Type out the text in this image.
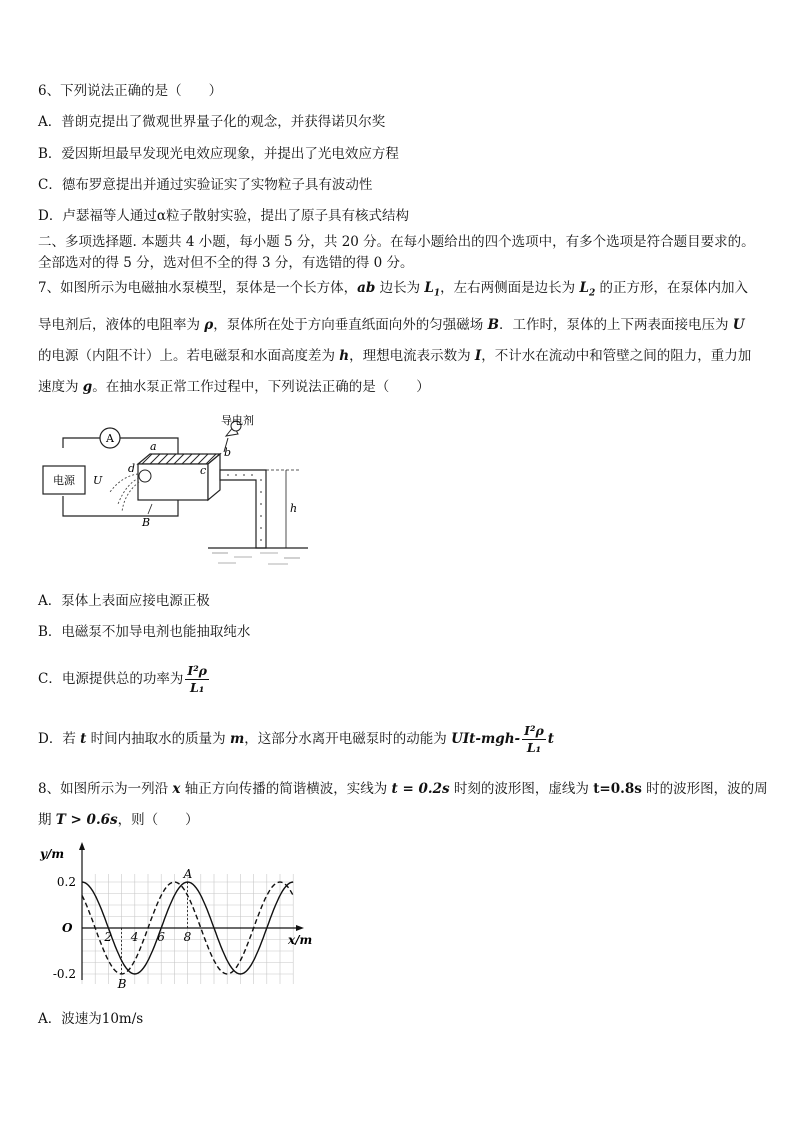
6、下列说法正确的是（　　）
A．普朗克提出了微观世界量子化的观念，并获得诺贝尔奖
B．爱因斯坦最早发现光电效应现象，并提出了光电效应方程
C．德布罗意提出并通过实验证实了实物粒子具有波动性
D．卢瑟福等人通过α粒子散射实验，提出了原子具有核式结构
二、多项选择题. 本题共 4 小题，每小题 5 分，共 20 分。在每小题给出的四个选项中，有多个选项是符合题目要求的。
全部选对的得 5 分，选对但不全的得 3 分，有选错的得 0 分。
7、如图所示为电磁抽水泵模型，泵体是一个长方体，ab 边长为 $L_1$，左右两侧面是边长为 $L_2$ 的正方形，在泵体内加入导电剂后，液体的电阻率为 ρ，泵体所在处于方向垂直纸面向外的匀强磁场 B．工作时，泵体的上下两表面接电压为 U 的电源（内阻不计）上。若电磁泵和水面高度差为 h，理想电流表示数为 I，不计水在流动中和管壁之间的阻力，重力加速度为 g。在抽水泵正常工作过程中，下列说法正确的是（　　）
A
电源 U
导电剂
h
a	b
c
d
B
A．泵体上表面应接电源正极
B．电磁泵不加导电剂也能抽取纯水
C．电源提供总的功率为 $\frac{\text{I²ρ}}{\text{L₁}}$
D．若 t 时间内抽取水的质量为 m，这部分水离开电磁泵时的动能为 $UIt-mgh- \frac{\text{I²ρ}}{\text{L₁}}$ t
8、如图所示为一列沿 x 轴正方向传播的简谐横波，实线为 t = 0.2s 时刻的波形图，虚线为 t=0.8s 时的波形图，波的周
期 T > 0.6s，则（　　）
y/m
x/m
O
0.2
-0.2
2 4 6 8
A
B
A．波速为10m/s
